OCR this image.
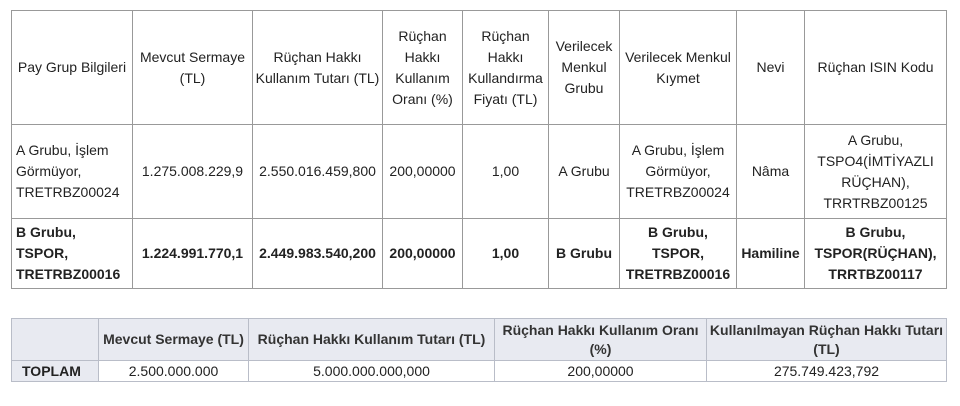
Pay Grup Bilgileri	Mevcut Sermaye (TL)	Rüçhan Hakkı Kullanım Tutarı (TL)	Rüçhan Hakkı Kullanım Oranı (%)	Rüçhan Hakkı Kullandırma Fiyatı (TL)	Verilecek Menkul Grubu	Verilecek Menkul Kıymet	Nevi	Rüçhan ISIN Kodu
A Grubu, İşlem Görmüyor, TRETRBZ00024	1.275.008.229,9	2.550.016.459,800	200,00000	1,00	A Grubu	A Grubu, İşlem Görmüyor, TRETRBZ00024	Nâma	A Grubu, TSPO4(İMTİYAZLI RÜÇHAN), TRRTRBZ00125
B Grubu, TSPOR, TRETRBZ00016	1.224.991.770,1	2.449.983.540,200	200,00000	1,00	B Grubu	B Grubu, TSPOR, TRETRBZ00016	Hamiline	B Grubu, TSPOR(RÜÇHAN), TRRTBZ00117
	Mevcut Sermaye (TL)	Rüçhan Hakkı Kullanım Tutarı (TL)	Rüçhan Hakkı Kullanım Oranı (%)	Kullanılmayan Rüçhan Hakkı Tutarı (TL)
TOPLAM	2.500.000.000	5.000.000.000,000	200,00000	275.749.423,792
